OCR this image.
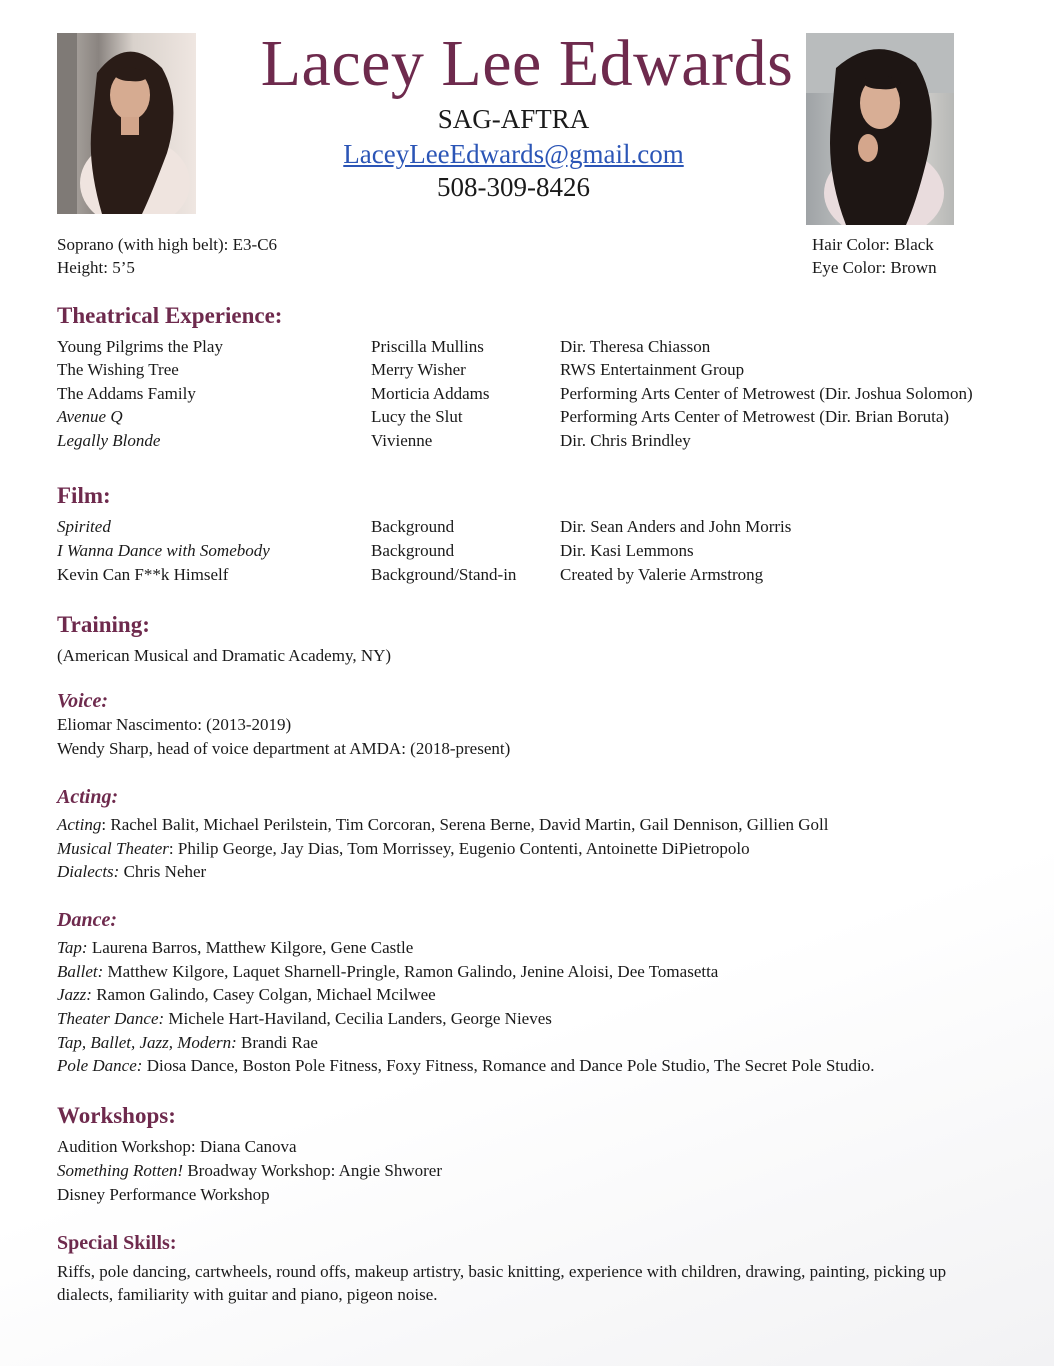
Lacey Lee Edwards
SAG-AFTRA
LaceyLeeEdwards@gmail.com
508-309-8426
Soprano (with high belt): E3-C6
Height: 5’5
Hair Color: Black
Eye Color: Brown
Theatrical Experience:
Young Pilgrims the Play	Priscilla Mullins	Dir. Theresa Chiasson
The Wishing Tree	Merry Wisher	RWS Entertainment Group
The Addams Family	Morticia Addams	Performing Arts Center of Metrowest (Dir. Joshua Solomon)
Avenue Q	Lucy the Slut	Performing Arts Center of Metrowest (Dir. Brian Boruta)
Legally Blonde	Vivienne	Dir. Chris Brindley
Film:
Spirited	Background	Dir. Sean Anders and John Morris
I Wanna Dance with Somebody	Background	Dir. Kasi Lemmons
Kevin Can F**k Himself	Background/Stand-in	Created by Valerie Armstrong
Training:
(American Musical and Dramatic Academy, NY)
Voice:
Eliomar Nascimento: (2013-2019)
Wendy Sharp, head of voice department at AMDA: (2018-present)
Acting:
Acting: Rachel Balit, Michael Perilstein, Tim Corcoran, Serena Berne, David Martin, Gail Dennison, Gillien Goll
Musical Theater: Philip George, Jay Dias, Tom Morrissey, Eugenio Contenti, Antoinette DiPietropolo
Dialects: Chris Neher
Dance:
Tap: Laurena Barros, Matthew Kilgore, Gene Castle
Ballet: Matthew Kilgore, Laquet Sharnell-Pringle, Ramon Galindo, Jenine Aloisi, Dee Tomasetta
Jazz: Ramon Galindo, Casey Colgan, Michael Mcilwee
Theater Dance: Michele Hart-Haviland, Cecilia Landers, George Nieves
Tap, Ballet, Jazz, Modern: Brandi Rae
Pole Dance: Diosa Dance, Boston Pole Fitness, Foxy Fitness, Romance and Dance Pole Studio, The Secret Pole Studio.
Workshops:
Audition Workshop: Diana Canova
Something Rotten! Broadway Workshop: Angie Shworer
Disney Performance Workshop
Special Skills:
Riffs, pole dancing, cartwheels, round offs, makeup artistry, basic knitting, experience with children, drawing, painting, picking up dialects, familiarity with guitar and piano, pigeon noise.
